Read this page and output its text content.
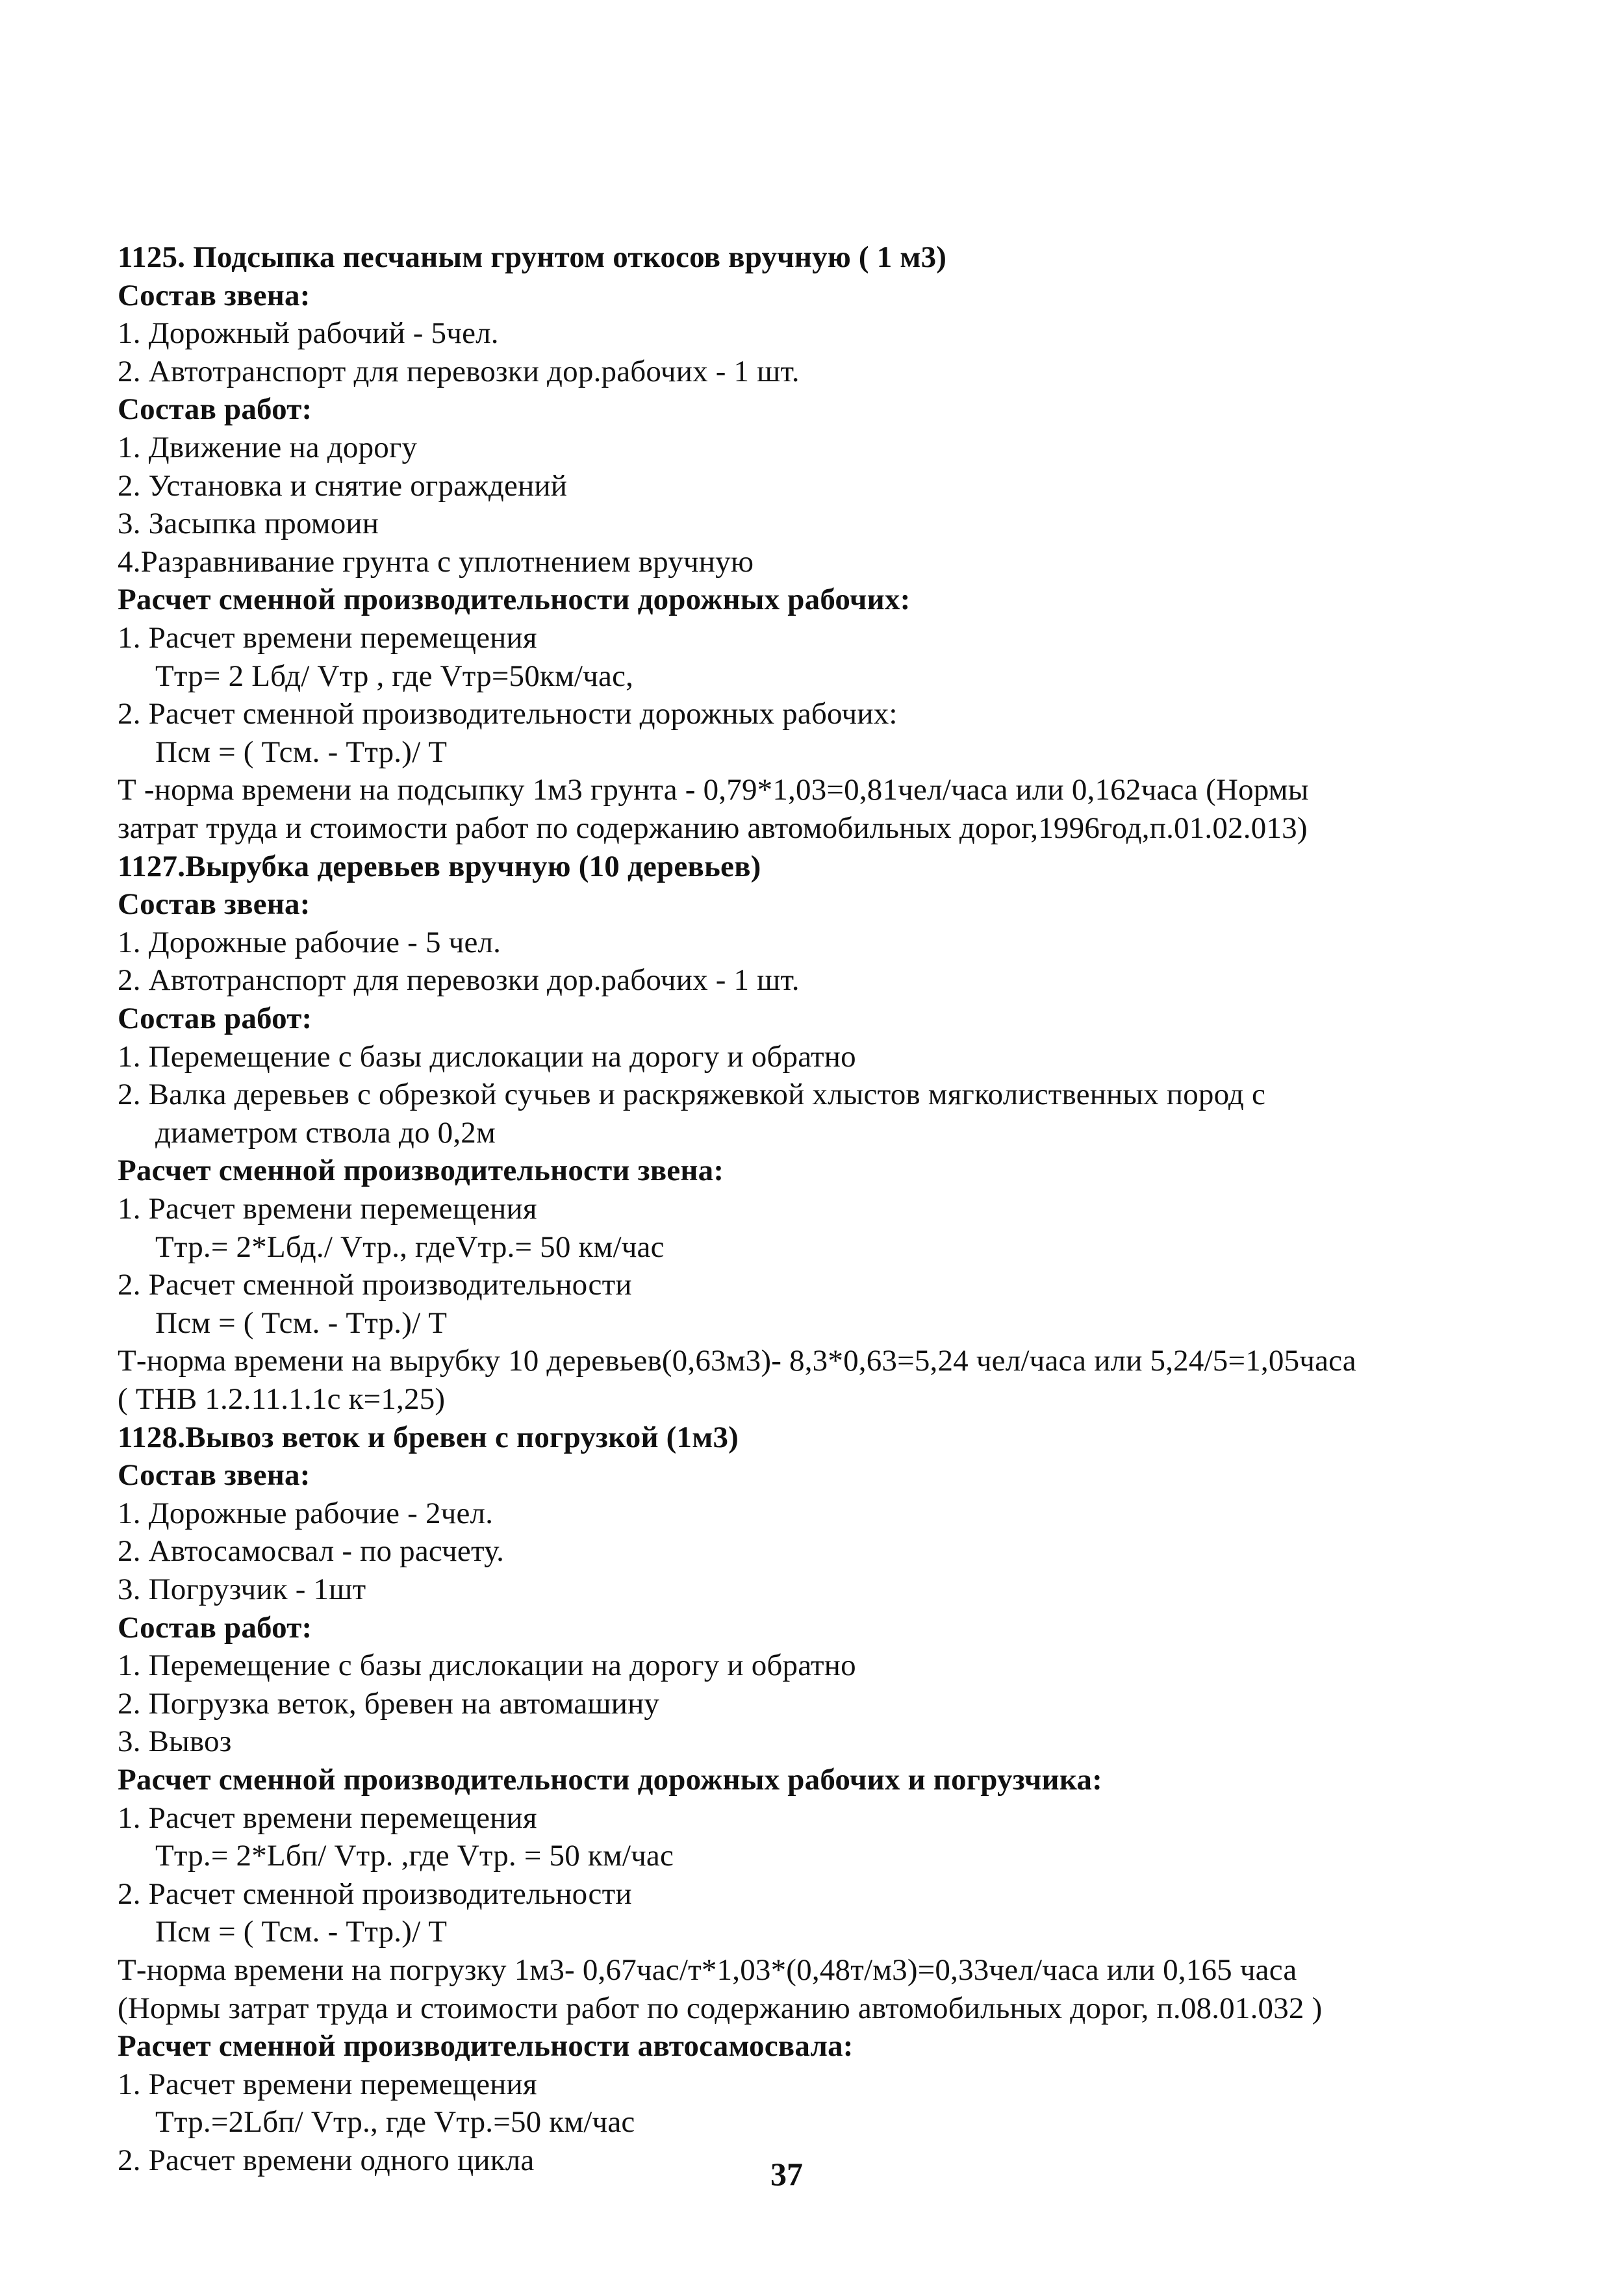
1125. Подсыпка песчаным грунтом откосов вручную ( 1 м3)
Состав звена:
1. Дорожный рабочий - 5чел.
2. Автотранспорт для перевозки дор.рабочих - 1 шт.
Состав работ:
1. Движение на дорогу
2. Установка и снятие ограждений
3. Засыпка промоин
4.Разравнивание грунта с уплотнением вручную
Расчет сменной производительности дорожных рабочих:
1. Расчет времени перемещения
Ттр= 2 Lбд/ Vтр , где Vтр=50км/час,
2. Расчет сменной производительности дорожных рабочих:
Псм = ( Тсм. - Ттр.)/ Т
Т -норма времени на подсыпку 1м3 грунта - 0,79*1,03=0,81чел/часа или 0,162часа (Нормы
затрат труда и стоимости работ по содержанию автомобильных дорог,1996год,п.01.02.013)
1127.Вырубка деревьев вручную (10 деревьев)
Состав звена:
1. Дорожные рабочие - 5 чел.
2. Автотранспорт для перевозки дор.рабочих - 1 шт.
Состав работ:
1. Перемещение с базы дислокации на дорогу и обратно
2. Валка деревьев с обрезкой сучьев и раскряжевкой хлыстов мягколиственных пород с
диаметром ствола до 0,2м
Расчет сменной производительности звена:
1. Расчет времени перемещения
Ттр.= 2*Lбд./ Vтр., гдеVтр.= 50 км/час
2. Расчет сменной производительности
Псм = ( Тсм. - Ттр.)/ Т
Т-норма времени на вырубку 10 деревьев(0,63м3)- 8,3*0,63=5,24 чел/часа или 5,24/5=1,05часа
( ТНВ 1.2.11.1.1с к=1,25)
1128.Вывоз веток и бревен с погрузкой (1м3)
Состав звена:
1. Дорожные рабочие - 2чел.
2. Автосамосвал - по расчету.
3. Погрузчик - 1шт
Состав работ:
1. Перемещение с базы дислокации на дорогу и обратно
2. Погрузка веток, бревен на автомашину
3. Вывоз
Расчет сменной производительности дорожных рабочих и погрузчика:
1. Расчет времени перемещения
Ттр.= 2*Lбп/ Vтр. ,где Vтр. = 50 км/час
2. Расчет сменной производительности
Псм = ( Тсм. - Ттр.)/ Т
Т-норма времени на погрузку 1м3- 0,67час/т*1,03*(0,48т/м3)=0,33чел/часа или 0,165 часа
(Нормы затрат труда и стоимости работ по содержанию автомобильных дорог, п.08.01.032 )
Расчет сменной производительности автосамосвала:
1. Расчет времени перемещения
Ттр.=2Lбп/ Vтр., где Vтр.=50 км/час
2. Расчет времени одного цикла	37
